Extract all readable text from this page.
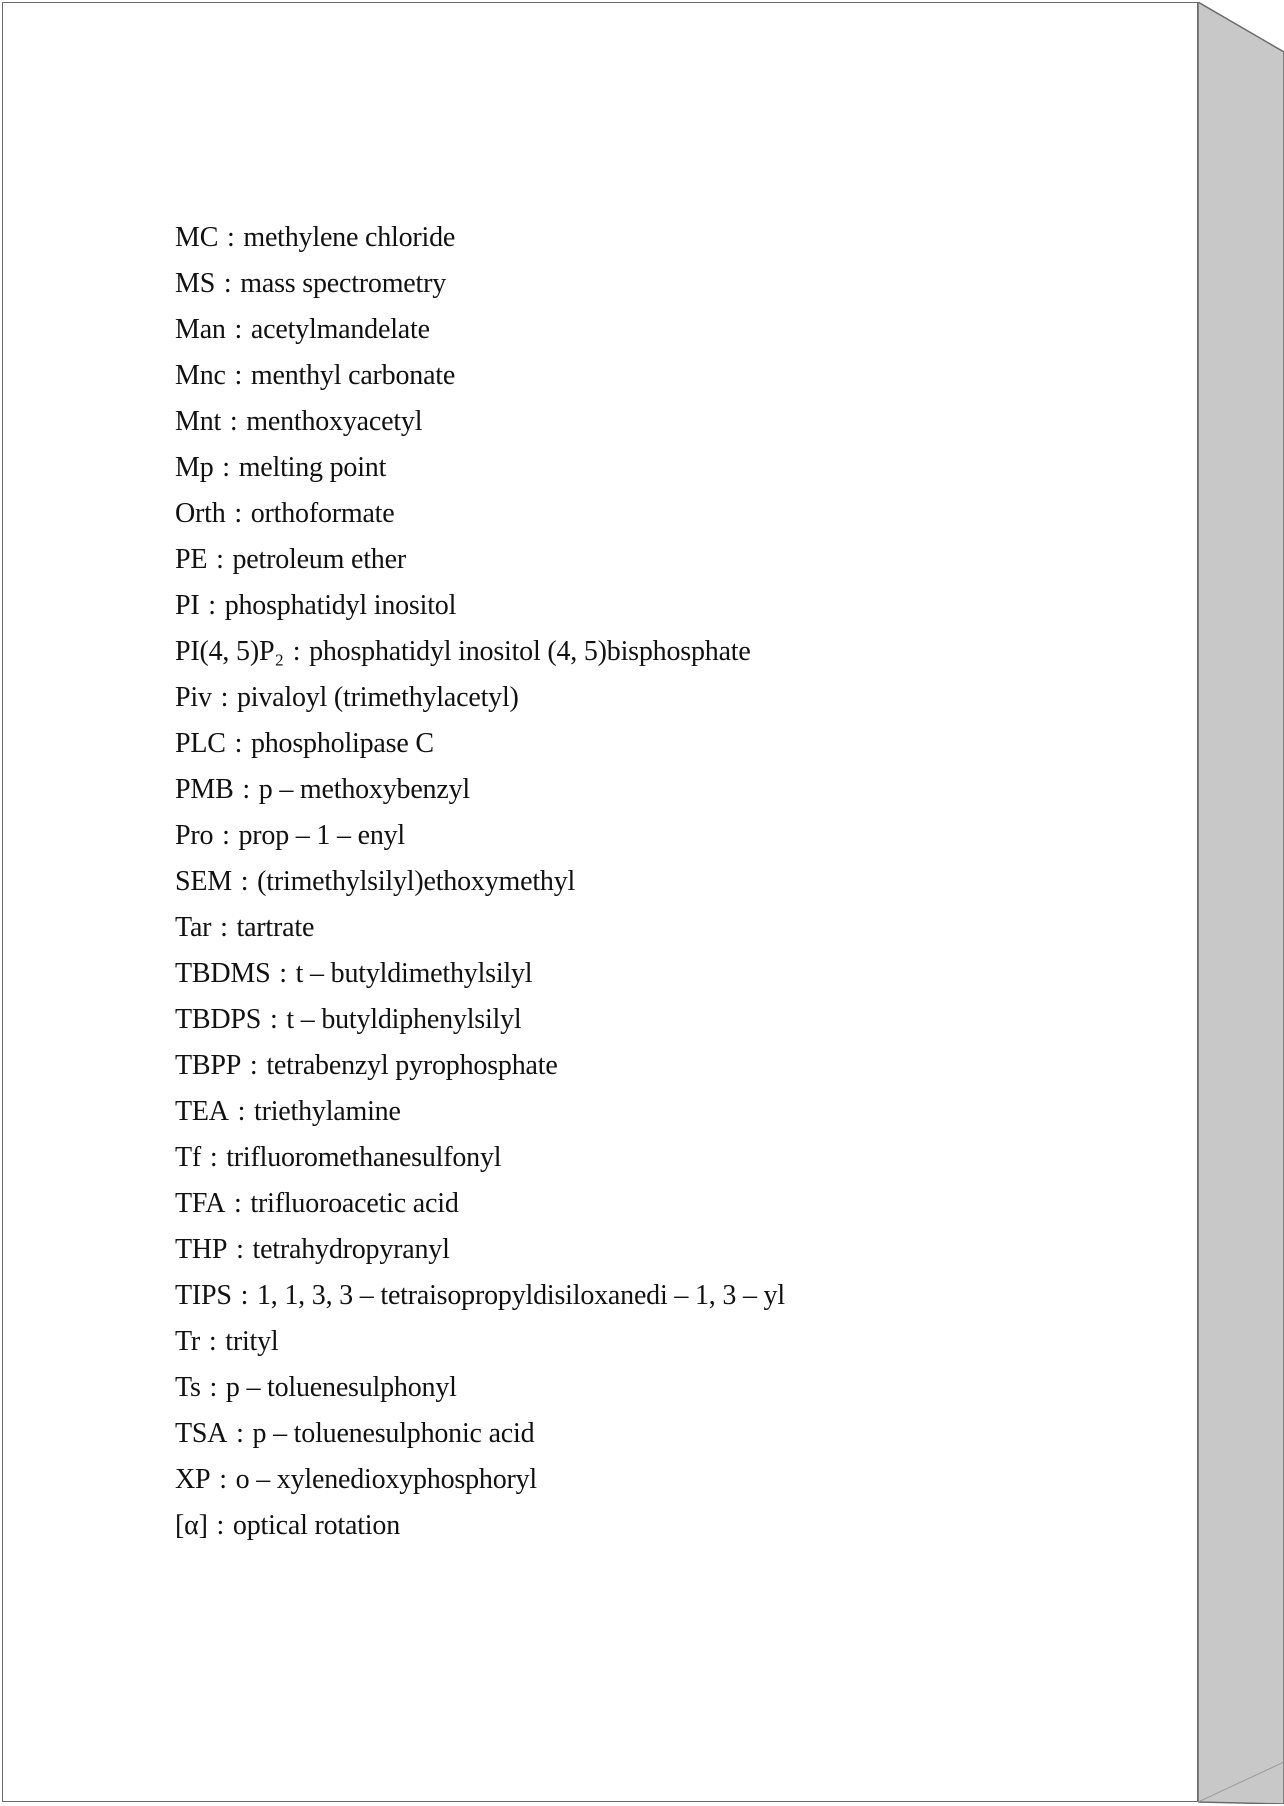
MC : methylene chloride
MS : mass spectrometry
Man : acetylmandelate
Mnc : menthyl carbonate
Mnt : menthoxyacetyl
Mp : melting point
Orth : orthoformate
PE : petroleum ether
PI : phosphatidyl inositol
PI(4, 5)P₂ : phosphatidyl inositol (4, 5)bisphosphate
Piv : pivaloyl (trimethylacetyl)
PLC : phospholipase C
PMB : p – methoxybenzyl
Pro : prop – 1 – enyl
SEM : (trimethylsilyl)ethoxymethyl
Tar : tartrate
TBDMS : t – butyldimethylsilyl
TBDPS : t – butyldiphenylsilyl
TBPP : tetrabenzyl pyrophosphate
TEA : triethylamine
Tf : trifluoromethanesulfonyl
TFA : trifluoroacetic acid
THP : tetrahydropyranyl
TIPS : 1, 1, 3, 3 – tetraisopropyldisiloxanedi – 1, 3 – yl
Tr : trityl
Ts : p – toluenesulphonyl
TSA : p – toluenesulphonic acid
XP : o – xylenedioxyphosphoryl
[α] : optical rotation
